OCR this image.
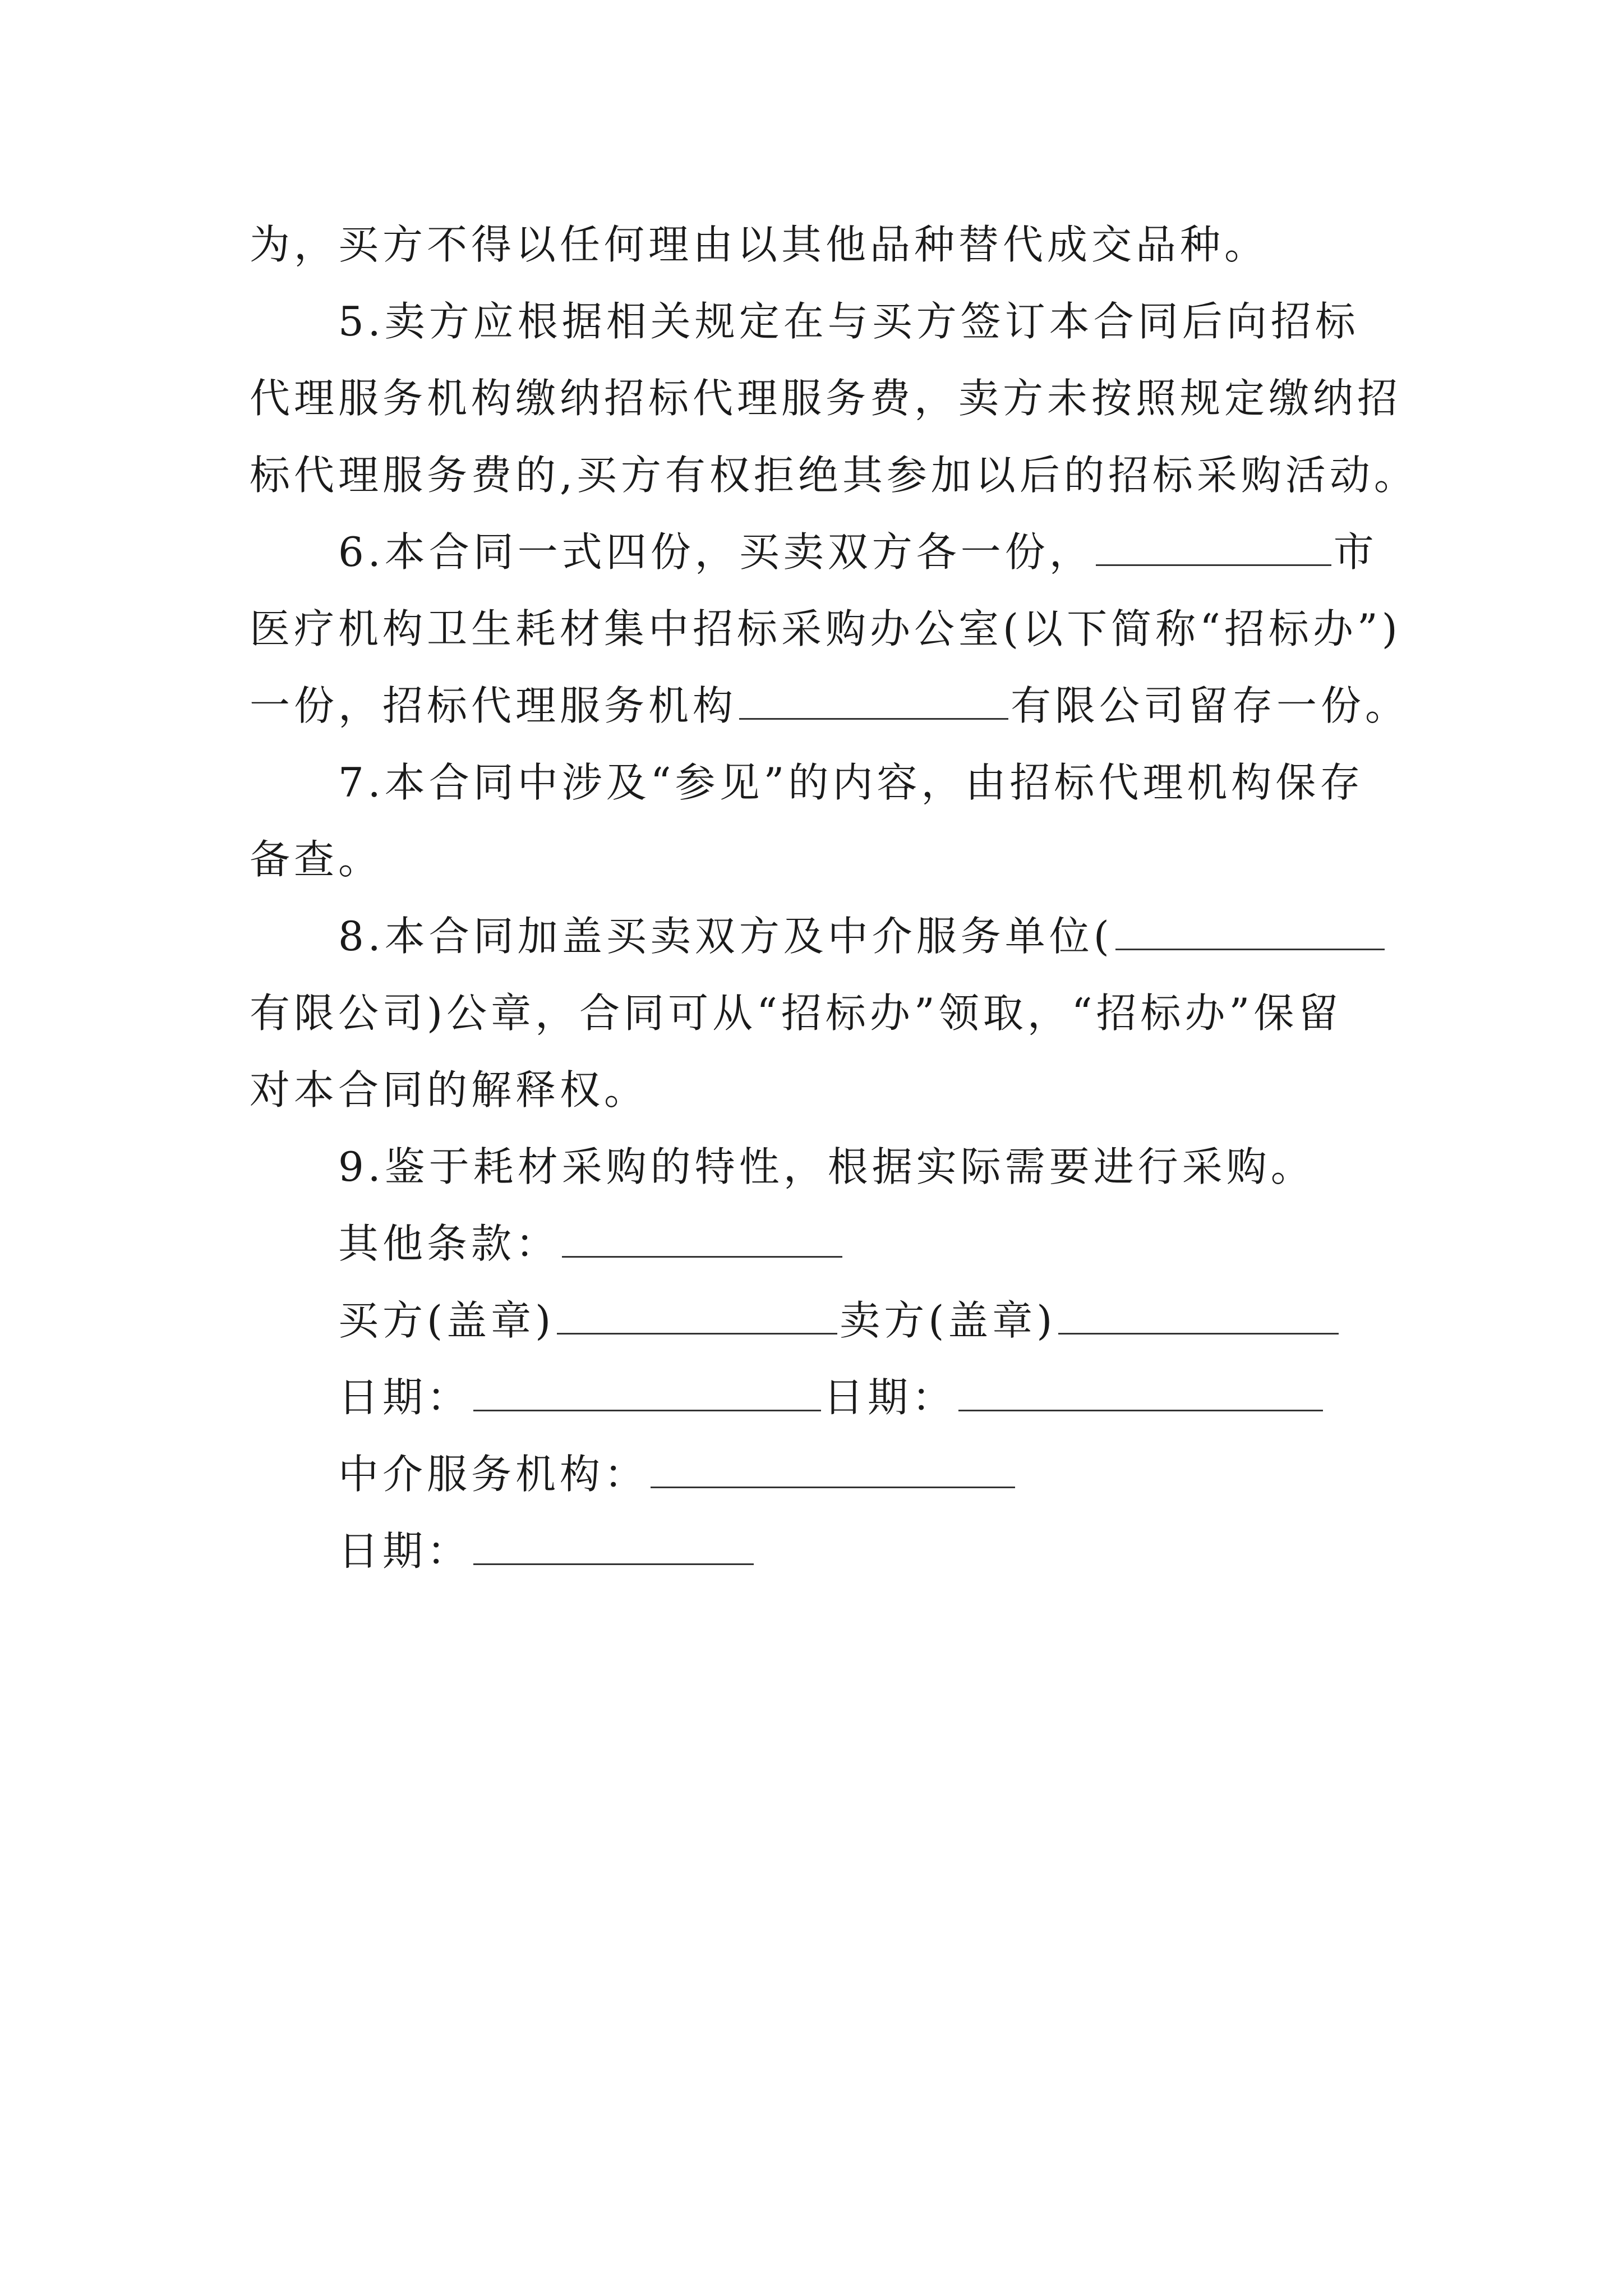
为，买方不得以任何理由以其他品种替代成交品种。
5.卖方应根据相关规定在与买方签订本合同后向招标
代理服务机构缴纳招标代理服务费，卖方未按照规定缴纳招
标代理服务费的,买方有权拒绝其参加以后的招标采购活动。
6.本合同一式四份，买卖双方各一份，	市
医疗机构卫生耗材集中招标采购办公室(以下简称“招标办”)
一份，招标代理服务机构	有限公司留存一份。
7.本合同中涉及“参见”的内容，由招标代理机构保存
备查。
8.本合同加盖买卖双方及中介服务单位(
有限公司)公章，合同可从“招标办”领取，“招标办”保留
对本合同的解释权。
9.鉴于耗材采购的特性，根据实际需要进行采购。
其他条款：
买方(盖章)	卖方(盖章)
日期：	日期：
中介服务机构：
日期：
